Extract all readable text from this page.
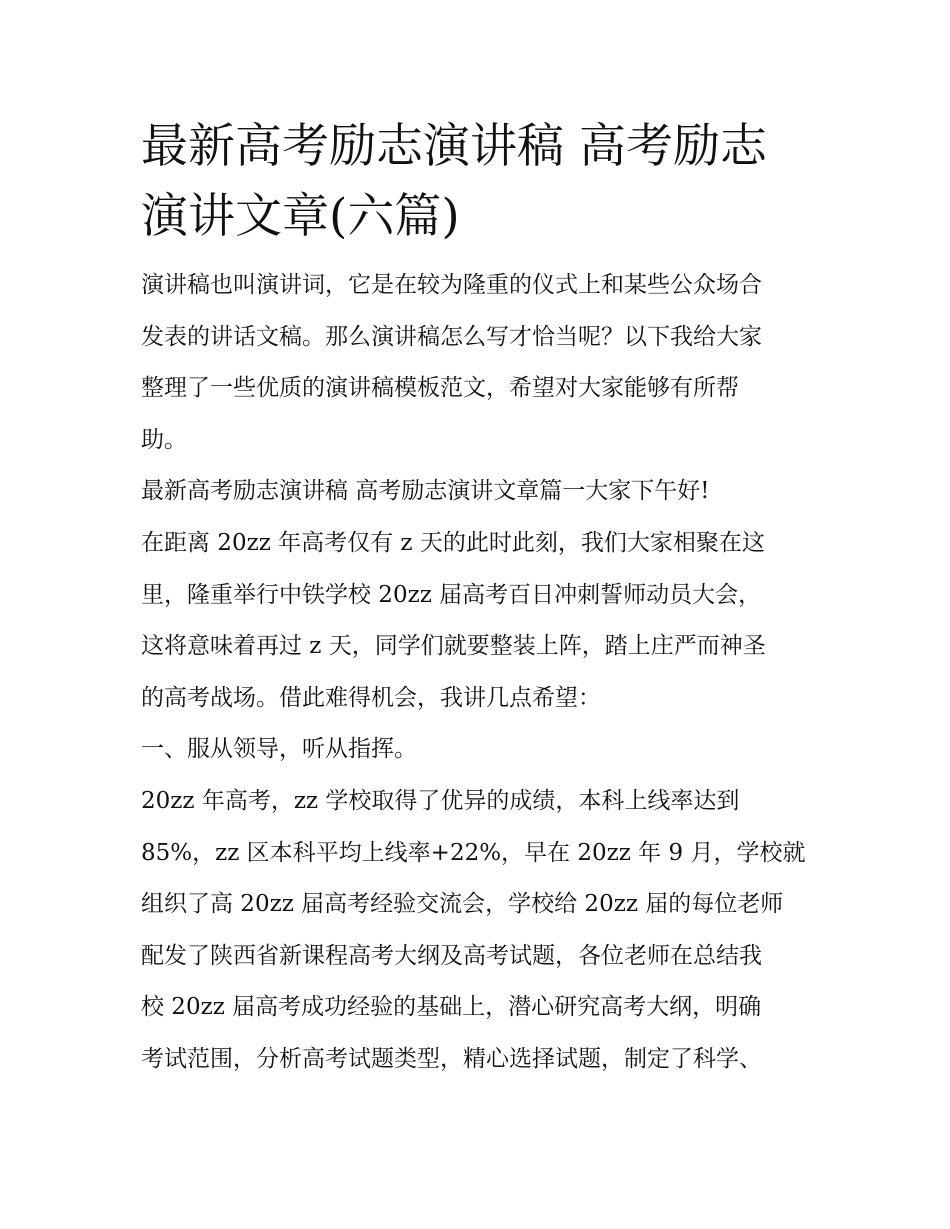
最新高考励志演讲稿 高考励志
演讲文章(六篇)
演讲稿也叫演讲词，它是在较为隆重的仪式上和某些公众场合
发表的讲话文稿。那么演讲稿怎么写才恰当呢？以下我给大家
整理了一些优质的演讲稿模板范文，希望对大家能够有所帮
助。
最新高考励志演讲稿 高考励志演讲文章篇一大家下午好!
在距离 20zz 年高考仅有 z 天的此时此刻，我们大家相聚在这
里，隆重举行中铁学校 20zz 届高考百日冲刺誓师动员大会，
这将意味着再过 z 天，同学们就要整装上阵，踏上庄严而神圣
的高考战场。借此难得机会，我讲几点希望：
一、服从领导，听从指挥。
20zz 年高考，zz 学校取得了优异的成绩，本科上线率达到
85%，zz 区本科平均上线率+22%，早在 20zz 年 9 月，学校就
组织了高 20zz 届高考经验交流会，学校给 20zz 届的每位老师
配发了陕西省新课程高考大纲及高考试题，各位老师在总结我
校 20zz 届高考成功经验的基础上，潜心研究高考大纲，明确
考试范围，分析高考试题类型，精心选择试题，制定了科学、
